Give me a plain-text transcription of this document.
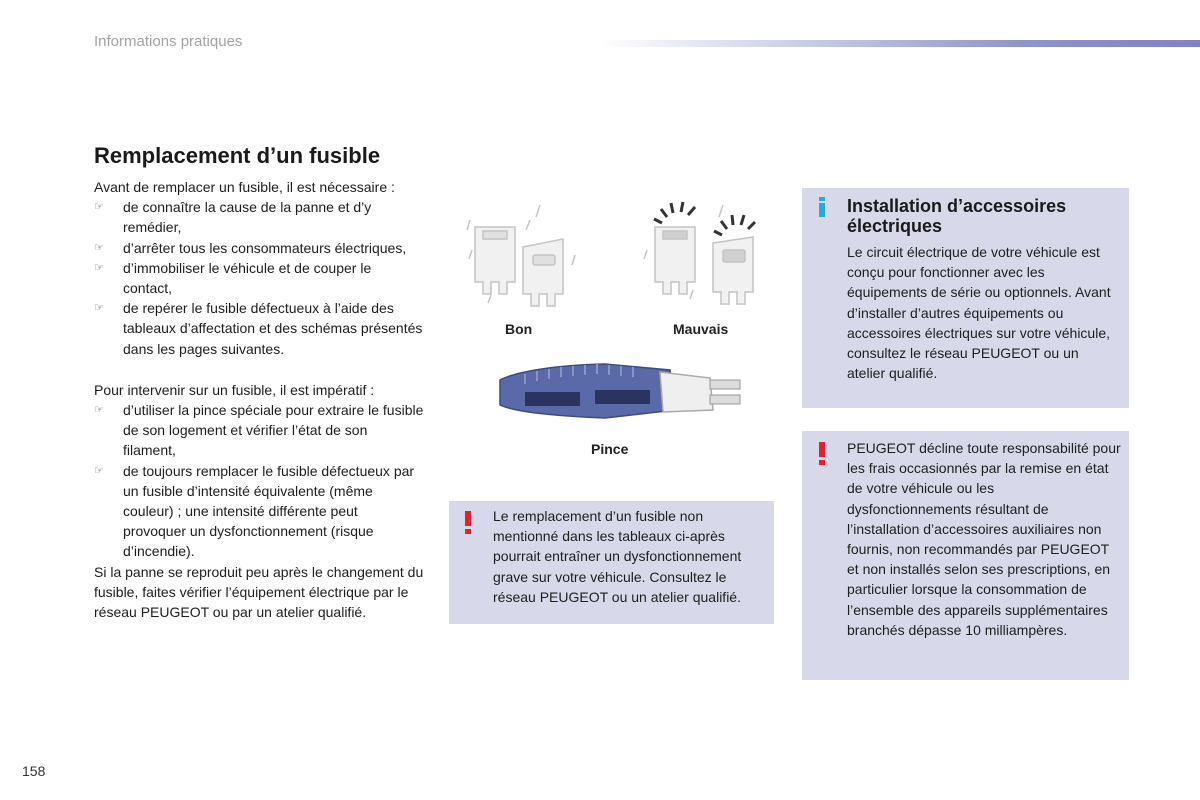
Informations pratiques
Remplacement d’un fusible

Avant de remplacer un fusible, il est nécessaire :

☞ de connaître la cause de la panne et d’y remédier,
☞ d’arrêter tous les consommateurs électriques,
☞ d’immobiliser le véhicule et de couper le contact,
☞ de repérer le fusible défectueux à l’aide des tableaux d’affectation et des schémas présentés dans les pages suivantes.

Pour intervenir sur un fusible, il est impératif :

☞ d’utiliser la pince spéciale pour extraire le fusible de son logement et vérifier l’état de son filament,
☞ de toujours remplacer le fusible défectueux par un fusible d’intensité équivalente (même couleur) ; une intensité différente peut provoquer un dysfonctionnement (risque d’incendie).

Si la panne se reproduit peu après le changement du fusible, faites vérifier l’équipement électrique par le réseau PEUGEOT ou par un atelier qualifié.

Bon	Mauvais
Pince
Le remplacement d’un fusible non mentionné dans les tableaux ci-après pourrait entraîner un dysfonctionnement grave sur votre véhicule. Consultez le réseau PEUGEOT ou un atelier qualifié.
Installation d’accessoires électriques
Le circuit électrique de votre véhicule est conçu pour fonctionner avec les équipements de série ou optionnels. Avant d’installer d’autres équipements ou accessoires électriques sur votre véhicule, consultez le réseau PEUGEOT ou un atelier qualifié.
PEUGEOT décline toute responsabilité pour les frais occasionnés par la remise en état de votre véhicule ou les dysfonctionnements résultant de l’installation d’accessoires auxiliaires non fournis, non recommandés par PEUGEOT et non installés selon ses prescriptions, en particulier lorsque la consommation de l’ensemble des appareils supplémentaires branchés dépasse 10 milliampères.
158
